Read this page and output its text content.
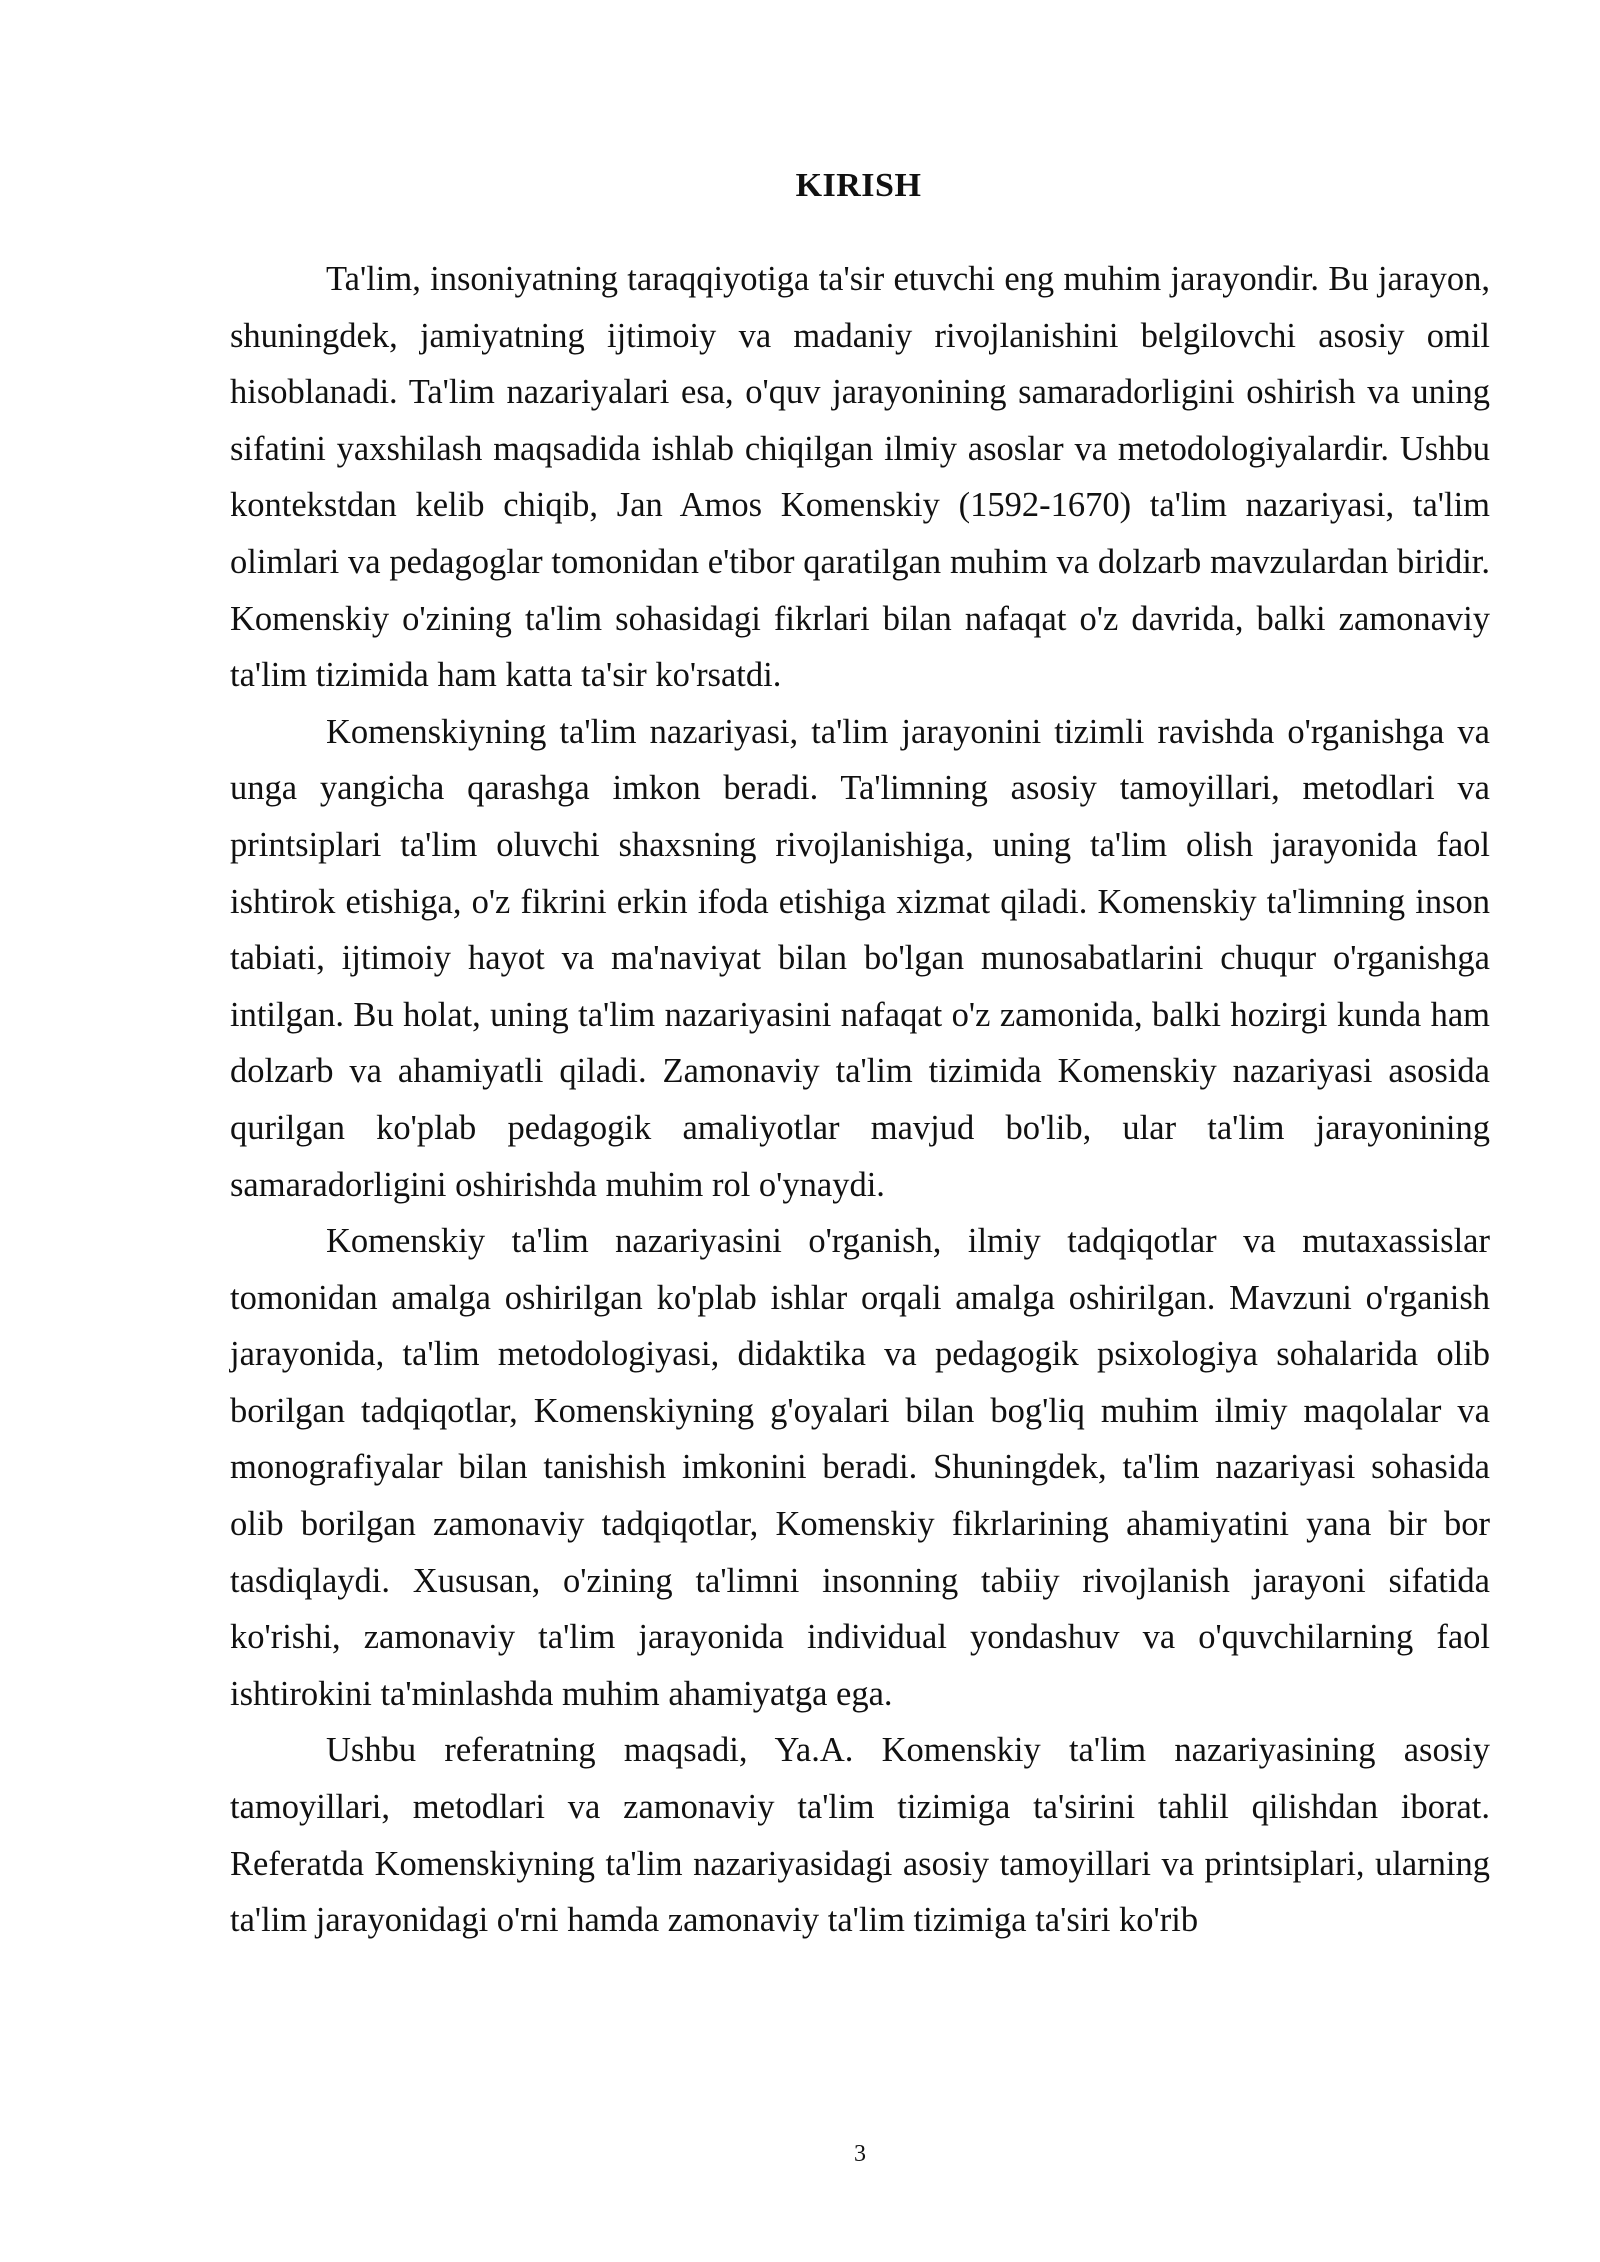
KIRISH

Ta'lim, insoniyatning taraqqiyotiga ta'sir etuvchi eng muhim jarayondir. Bu jarayon, shuningdek, jamiyatning ijtimoiy va madaniy rivojlanishini belgilovchi asosiy omil hisoblanadi. Ta'lim nazariyalari esa, o'quv jarayonining samaradorligini oshirish va uning sifatini yaxshilash maqsadida ishlab chiqilgan ilmiy asoslar va metodologiyalardir. Ushbu kontekstdan kelib chiqib, Jan Amos Komenskiy (1592-1670) ta'lim nazariyasi, ta'lim olimlari va pedagoglar tomonidan e'tibor qaratilgan muhim va dolzarb mavzulardan biridir. Komenskiy o'zining ta'lim sohasidagi fikrlari bilan nafaqat o'z davrida, balki zamonaviy ta'lim tizimida ham katta ta'sir ko'rsatdi.

Komenskiyning ta'lim nazariyasi, ta'lim jarayonini tizimli ravishda o'rganishga va unga yangicha qarashga imkon beradi. Ta'limning asosiy tamoyillari, metodlari va printsiplari ta'lim oluvchi shaxsning rivojlanishiga, uning ta'lim olish jarayonida faol ishtirok etishiga, o'z fikrini erkin ifoda etishiga xizmat qiladi. Komenskiy ta'limning inson tabiati, ijtimoiy hayot va ma'naviyat bilan bo'lgan munosabatlarini chuqur o'rganishga intilgan. Bu holat, uning ta'lim nazariyasini nafaqat o'z zamonida, balki hozirgi kunda ham dolzarb va ahamiyatli qiladi. Zamonaviy ta'lim tizimida Komenskiy nazariyasi asosida qurilgan ko'plab pedagogik amaliyotlar mavjud bo'lib, ular ta'lim jarayonining samaradorligini oshirishda muhim rol o'ynaydi.

Komenskiy ta'lim nazariyasini o'rganish, ilmiy tadqiqotlar va mutaxassislar tomonidan amalga oshirilgan ko'plab ishlar orqali amalga oshirilgan. Mavzuni o'rganish jarayonida, ta'lim metodologiyasi, didaktika va pedagogik psixologiya sohalarida olib borilgan tadqiqotlar, Komenskiyning g'oyalari bilan bog'liq muhim ilmiy maqolalar va monografiyalar bilan tanishish imkonini beradi. Shuningdek, ta'lim nazariyasi sohasida olib borilgan zamonaviy tadqiqotlar, Komenskiy fikrlarining ahamiyatini yana bir bor tasdiqlaydi. Xususan, o'zining ta'limni insonning tabiiy rivojlanish jarayoni sifatida ko'rishi, zamonaviy ta'lim jarayonida individual yondashuv va o'quvchilarning faol ishtirokini ta'minlashda muhim ahamiyatga ega.

Ushbu referatning maqsadi, Ya.A. Komenskiy ta'lim nazariyasining asosiy tamoyillari, metodlari va zamonaviy ta'lim tizimiga ta'sirini tahlil qilishdan iborat. Referatda Komenskiyning ta'lim nazariyasidagi asosiy tamoyillari va printsiplari, ularning ta'lim jarayonidagi o'rni hamda zamonaviy ta'lim tizimiga ta'siri ko'rib

3
